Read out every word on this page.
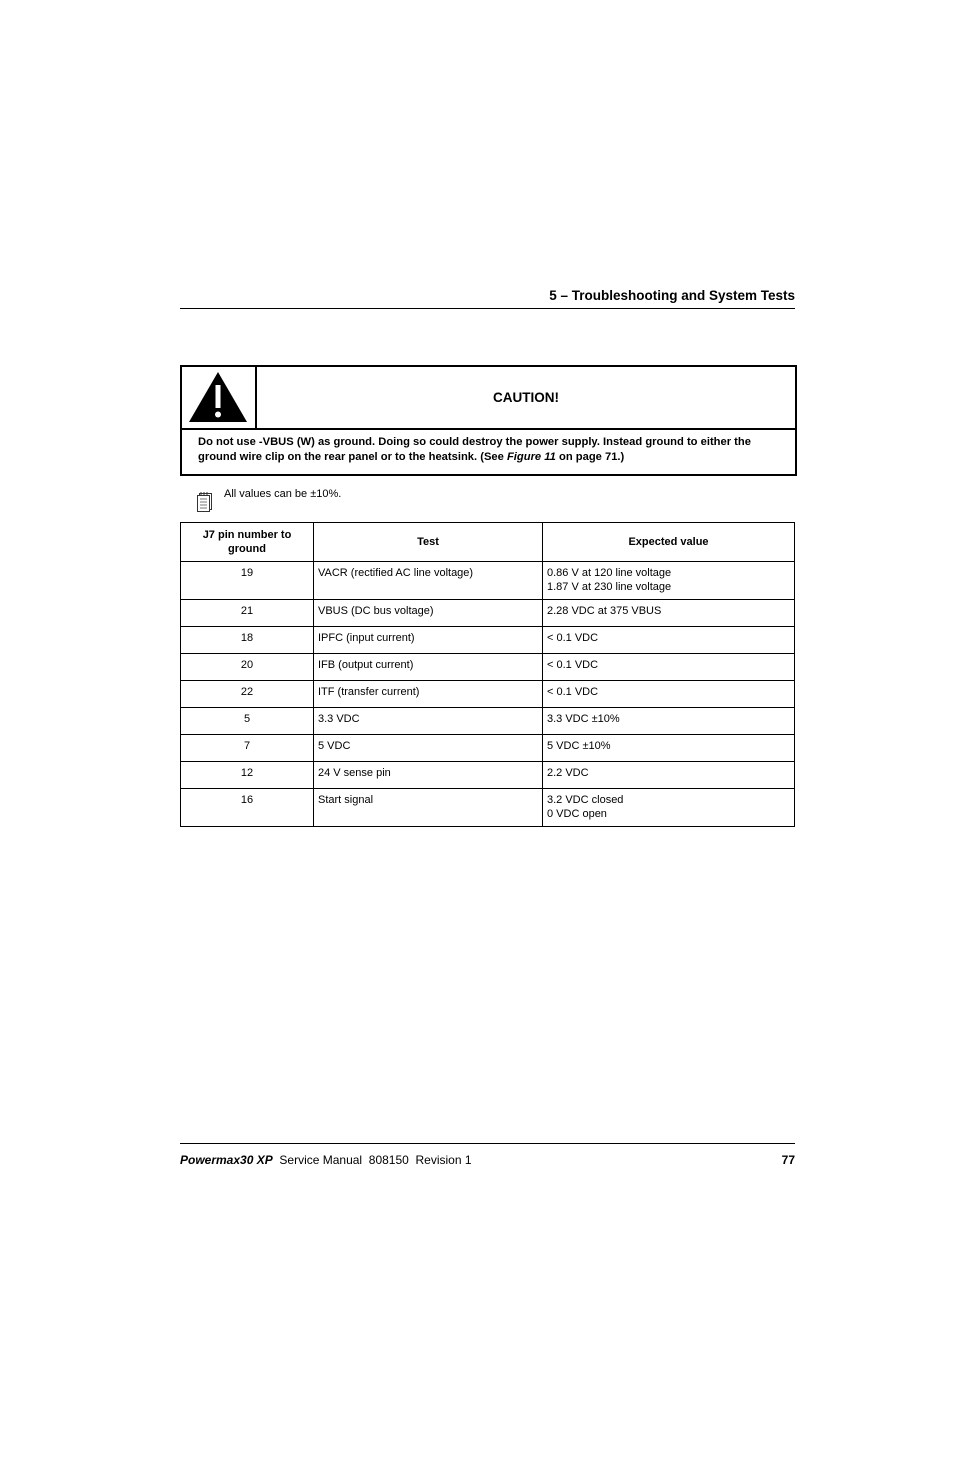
5 – Troubleshooting and System Tests
CAUTION!
Do not use -VBUS (W) as ground. Doing so could destroy the power supply. Instead ground to either the ground wire clip on the rear panel or to the heatsink. (See Figure 11 on page 71.)
All values can be ±10%.
J7 pin number to ground	Test	Expected value
19	VACR (rectified AC line voltage)	0.86 V at 120 line voltage
1.87 V at 230 line voltage

21	VBUS (DC bus voltage)	2.28 VDC at 375 VBUS
18	IPFC (input current)	< 0.1 VDC
20	IFB (output current)	< 0.1 VDC
22	ITF (transfer current)	< 0.1 VDC
5	3.3 VDC	3.3 VDC ±10%
7	5 VDC	5 VDC ±10%
12	24 V sense pin	2.2 VDC
16	Start signal	3.2 VDC closed
0 VDC open
Powermax30 XP Service Manual 808150 Revision 1	77
